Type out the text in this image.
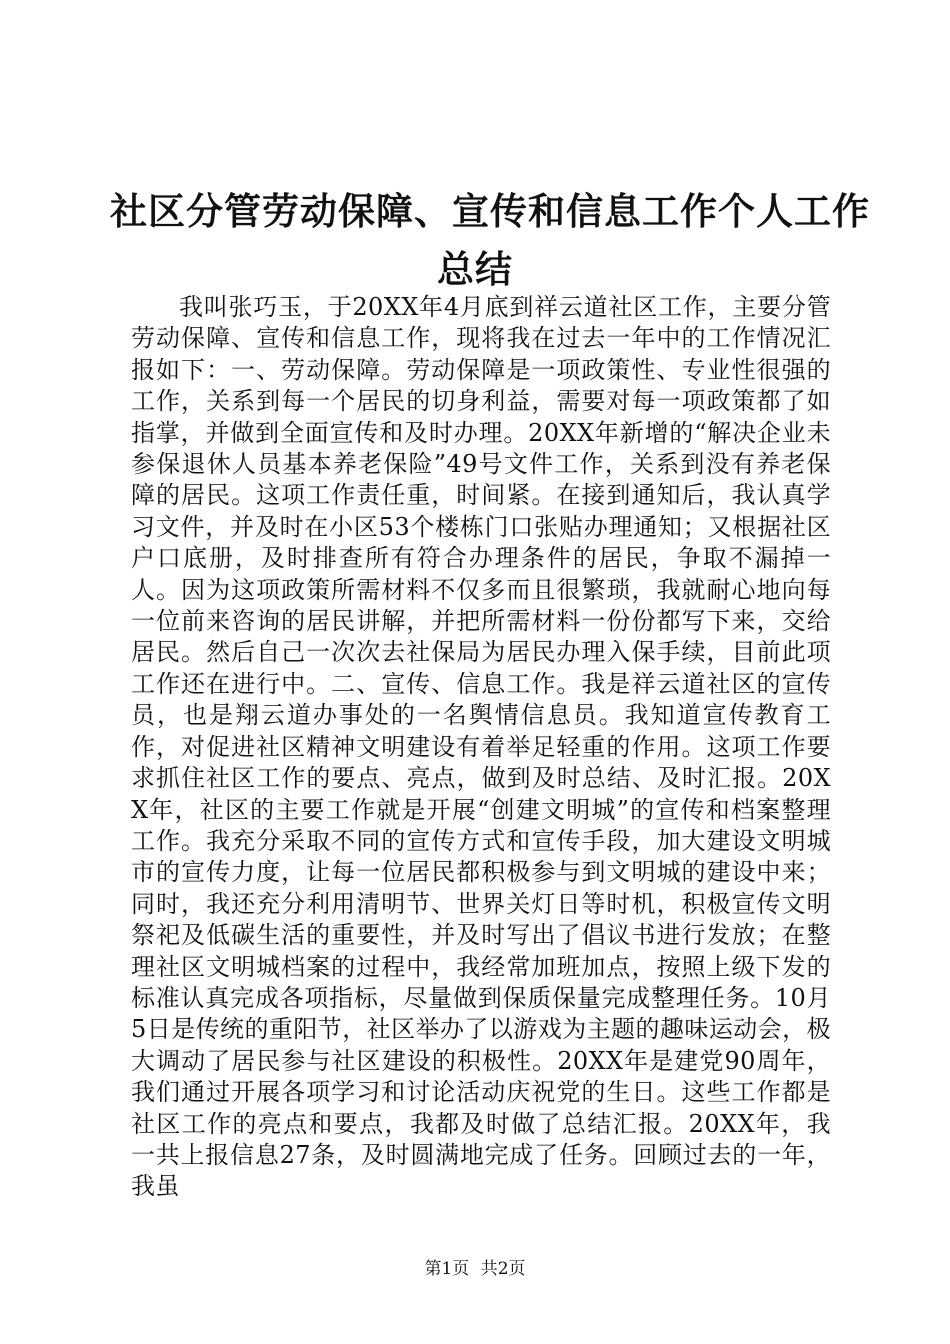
社区分管劳动保障、宣传和信息工作个人工作
总结

我叫张巧玉，于20XX年4月底到祥云道社区工作，主要分管劳动保障、宣传和信息工作，现将我在过去一年中的工作情况汇报如下：一、劳动保障。劳动保障是一项政策性、专业性很强的工作，关系到每一个居民的切身利益，需要对每一项政策都了如指掌，并做到全面宣传和及时办理。20XX年新增的“解决企业未参保退休人员基本养老保险”49号文件工作，关系到没有养老保障的居民。这项工作责任重，时间紧。在接到通知后，我认真学习文件，并及时在小区53个楼栋门口张贴办理通知；又根据社区户口底册，及时排查所有符合办理条件的居民，争取不漏掉一人。因为这项政策所需材料不仅多而且很繁琐，我就耐心地向每一位前来咨询的居民讲解，并把所需材料一份份都写下来，交给居民。然后自己一次次去社保局为居民办理入保手续，目前此项工作还在进行中。二、宣传、信息工作。我是祥云道社区的宣传员，也是翔云道办事处的一名舆情信息员。我知道宣传教育工作，对促进社区精神文明建设有着举足轻重的作用。这项工作要求抓住社区工作的要点、亮点，做到及时总结、及时汇报。20XX年，社区的主要工作就是开展“创建文明城”的宣传和档案整理工作。我充分采取不同的宣传方式和宣传手段，加大建设文明城市的宣传力度，让每一位居民都积极参与到文明城的建设中来；同时，我还充分利用清明节、世界关灯日等时机，积极宣传文明祭祀及低碳生活的重要性，并及时写出了倡议书进行发放；在整理社区文明城档案的过程中，我经常加班加点，按照上级下发的标准认真完成各项指标，尽量做到保质保量完成整理任务。10月5日是传统的重阳节，社区举办了以游戏为主题的趣味运动会，极大调动了居民参与社区建设的积极性。20XX年是建党90周年，我们通过开展各项学习和讨论活动庆祝党的生日。这些工作都是社区工作的亮点和要点，我都及时做了总结汇报。20XX年，我一共上报信息27条，及时圆满地完成了任务。回顾过去的一年，我虽

第1页 共2页
